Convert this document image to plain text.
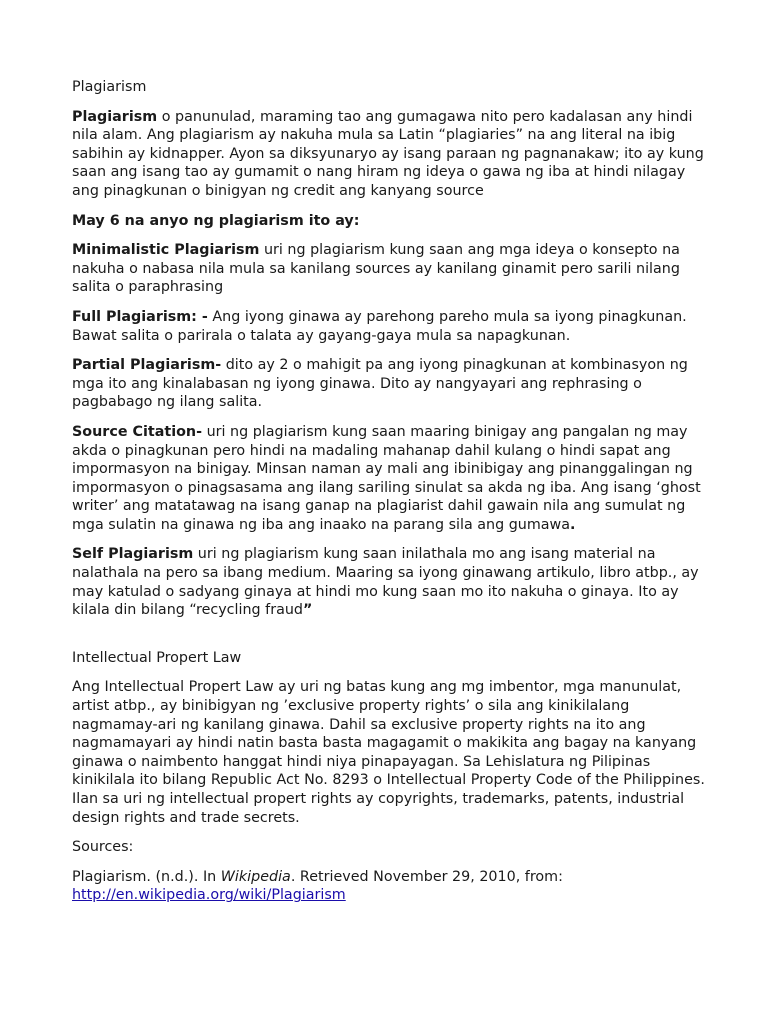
Plagiarism

Plagiarism o panunulad, maraming tao ang gumagawa nito pero kadalasan any hindi nila alam. Ang plagiarism ay nakuha mula sa Latin “plagiaries” na ang literal na ibig sabihin ay kidnapper. Ayon sa diksyunaryo ay isang paraan ng pagnanakaw; ito ay kung saan ang isang tao ay gumamit o nang hiram ng ideya o gawa ng iba at hindi nilagay ang pinagkunan o binigyan ng credit ang kanyang source

May 6 na anyo ng plagiarism ito ay:

Minimalistic Plagiarism uri ng plagiarism kung saan ang mga ideya o konsepto na nakuha o nabasa nila mula sa kanilang sources ay kanilang ginamit pero sarili nilang salita o paraphrasing

Full Plagiarism: - Ang iyong ginawa ay parehong pareho mula sa iyong pinagkunan. Bawat salita o parirala o talata ay gayang-gaya mula sa napagkunan.

Partial Plagiarism- dito ay 2 o mahigit pa ang iyong pinagkunan at kombinasyon ng mga ito ang kinalabasan ng iyong ginawa. Dito ay nangyayari ang rephrasing o pagbabago ng ilang salita.

Source Citation- uri ng plagiarism kung saan maaring binigay ang pangalan ng may akda o pinagkunan pero hindi na madaling mahanap dahil kulang o hindi sapat ang impormasyon na binigay. Minsan naman ay mali ang ibinibigay ang pinanggalingan ng impormasyon o pinagsasama ang ilang sariling sinulat sa akda ng iba. Ang isang ‘ghost writer’ ang matatawag na isang ganap na plagiarist dahil gawain nila ang sumulat ng mga sulatin na ginawa ng iba ang inaako na parang sila ang gumawa.

Self Plagiarism uri ng plagiarism kung saan inilathala mo ang isang material na nalathala na pero sa ibang medium. Maaring sa iyong ginawang artikulo, libro atbp., ay may katulad o sadyang ginaya at hindi mo kung saan mo ito nakuha o ginaya. Ito ay kilala din bilang “recycling fraud”

Intellectual Propert Law

Ang Intellectual Propert Law ay uri ng batas kung ang mg imbentor, mga manunulat, artist atbp., ay binibigyan ng ’exclusive property rights’ o sila ang kinikilalang nagmamay-ari ng kanilang ginawa. Dahil sa exclusive property rights na ito ang nagmamayari ay hindi natin basta basta magagamit o makikita ang bagay na kanyang ginawa o naimbento hanggat hindi niya pinapayagan. Sa Lehislatura ng Pilipinas kinikilala ito bilang Republic Act No. 8293 o Intellectual Property Code of the Philippines. Ilan sa uri ng intellectual propert rights ay copyrights, trademarks, patents, industrial design rights and trade secrets.

Sources:

Plagiarism. (n.d.). In Wikipedia. Retrieved November 29, 2010, from:
http://en.wikipedia.org/wiki/Plagiarism
